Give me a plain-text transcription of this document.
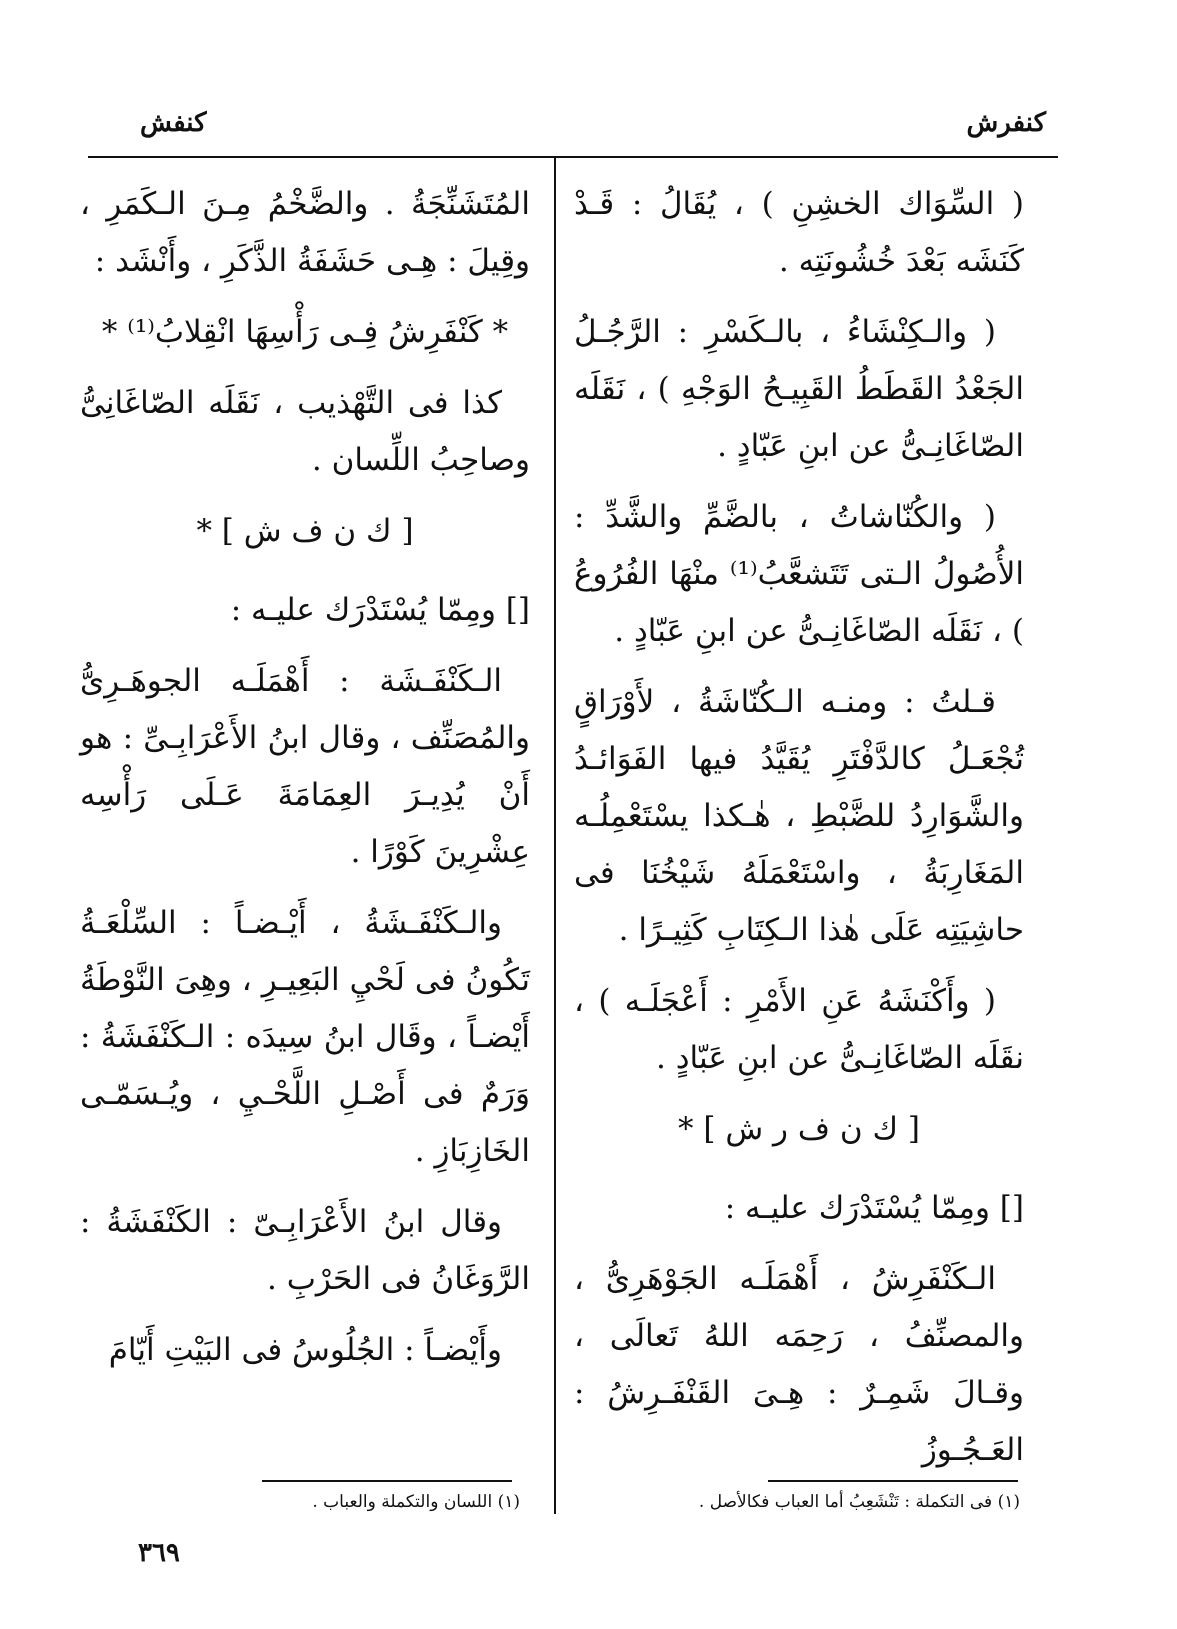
كنفرش
كنفش

( السِّوَاك الخشِنِ ) ، يُقَالُ : قَـدْ كَنَشَه بَعْدَ خُشُونَتِه .

( والـكِنْشَاءُ ، بالـكَسْرِ : الرَّجُـلُ الجَعْدُ القَطَطُ القَبِيـحُ الوَجْهِ ) ، نَقَلَه الصّاغَانِـىُّ عن ابنِ عَبّادٍ .

( والكُنّاشاتُ ، بالضَّمِّ والشَّدِّ : الأُصُولُ الـتى تَتَشعَّبُ⁽¹⁾ منْهَا الفُرُوعُ ) ، نَقَلَه الصّاغَانِـىُّ عن ابنِ عَبّادٍ .

قـلتُ : ومنـه الـكُنّاشَةُ ، لأَوْرَاقٍ تُجْعَـلُ كالدَّفْتَرِ يُقَيَّدُ فيها الفَوَائـدُ والشَّوَارِدُ للضَّبْطِ ، هٰـكذا يسْتَعْمِلُـه المَغَارِبَةُ ، واسْتَعْمَلَهُ شَيْخُنَا فى حاشِيَتِه عَلَى هٰذا الـكِتَابِ كَثِيـرًا .

( وأَكْنَشَهُ عَنِ الأَمْرِ : أَعْجَلَـه ) ، نقَلَه الصّاغَانِـىُّ عن ابنِ عَبّادٍ .

[ ك ن ف ر ش ] *

[] ومِمّا يُسْتَدْرَك عليـه :

الـكَنْفَرِشُ ، أَهْمَلَـه الجَوْهَرِىُّ ، والمصنِّفُ ، رَحِمَه اللهُ تَعالَى ، وقـالَ شَمِـرٌ : هِـىَ القَنْفَـرِشُ : العَـجُـوزُ

المُتَشَنِّجَةُ . والضَّخْمُ مِـنَ الـكَمَرِ ، وقِيلَ : هِـى حَشَفَةُ الذَّكَرِ ، وأَنْشَد :

* كَنْفَرِشُ فِـى رَأْسِهَا انْقِلابُ⁽¹⁾ *

كذا فى التَّهْذيب ، نَقَلَه الصّاغَانِىُّ وصاحِبُ اللِّسان .

[ ك ن ف ش ] *

[] ومِمّا يُسْتَدْرَك عليـه :

الـكَنْفَـشَة : أَهْمَلَـه الجوهَـرِىُّ والمُصَنِّف ، وقال ابنُ الأَعْرَابِـىِّ : هو أَنْ يُدِيـرَ العِمَامَةَ عَـلَى رَأْسِه عِشْرِينَ كَوْرًا .

والـكَنْفَـشَةُ ، أَيْـضـاً : السِّلْعَـةُ تَكُونُ فى لَحْيِ البَعِيـرِ ، وهِىَ النَّوْطَةُ أَيْضـاً ، وقَال ابنُ سِيدَه : الـكَنْفَشَةُ : وَرَمٌ فى أَصْـلِ اللَّحْـيِ ، ويُـسَمّـى الخَازِبَازِ .

وقال ابنُ الأَعْرَابِـىّ : الكَنْفَشَةُ : الرَّوَغَانُ فى الحَرْبِ .

وأَيْضـاً : الجُلُوسُ فى البَيْتِ أَيّامَ

(١) فى التكملة : تَنْشَعِبُ أما العباب فكالأصل .
(١) اللسان والتكملة والعباب .
٣٦٩
